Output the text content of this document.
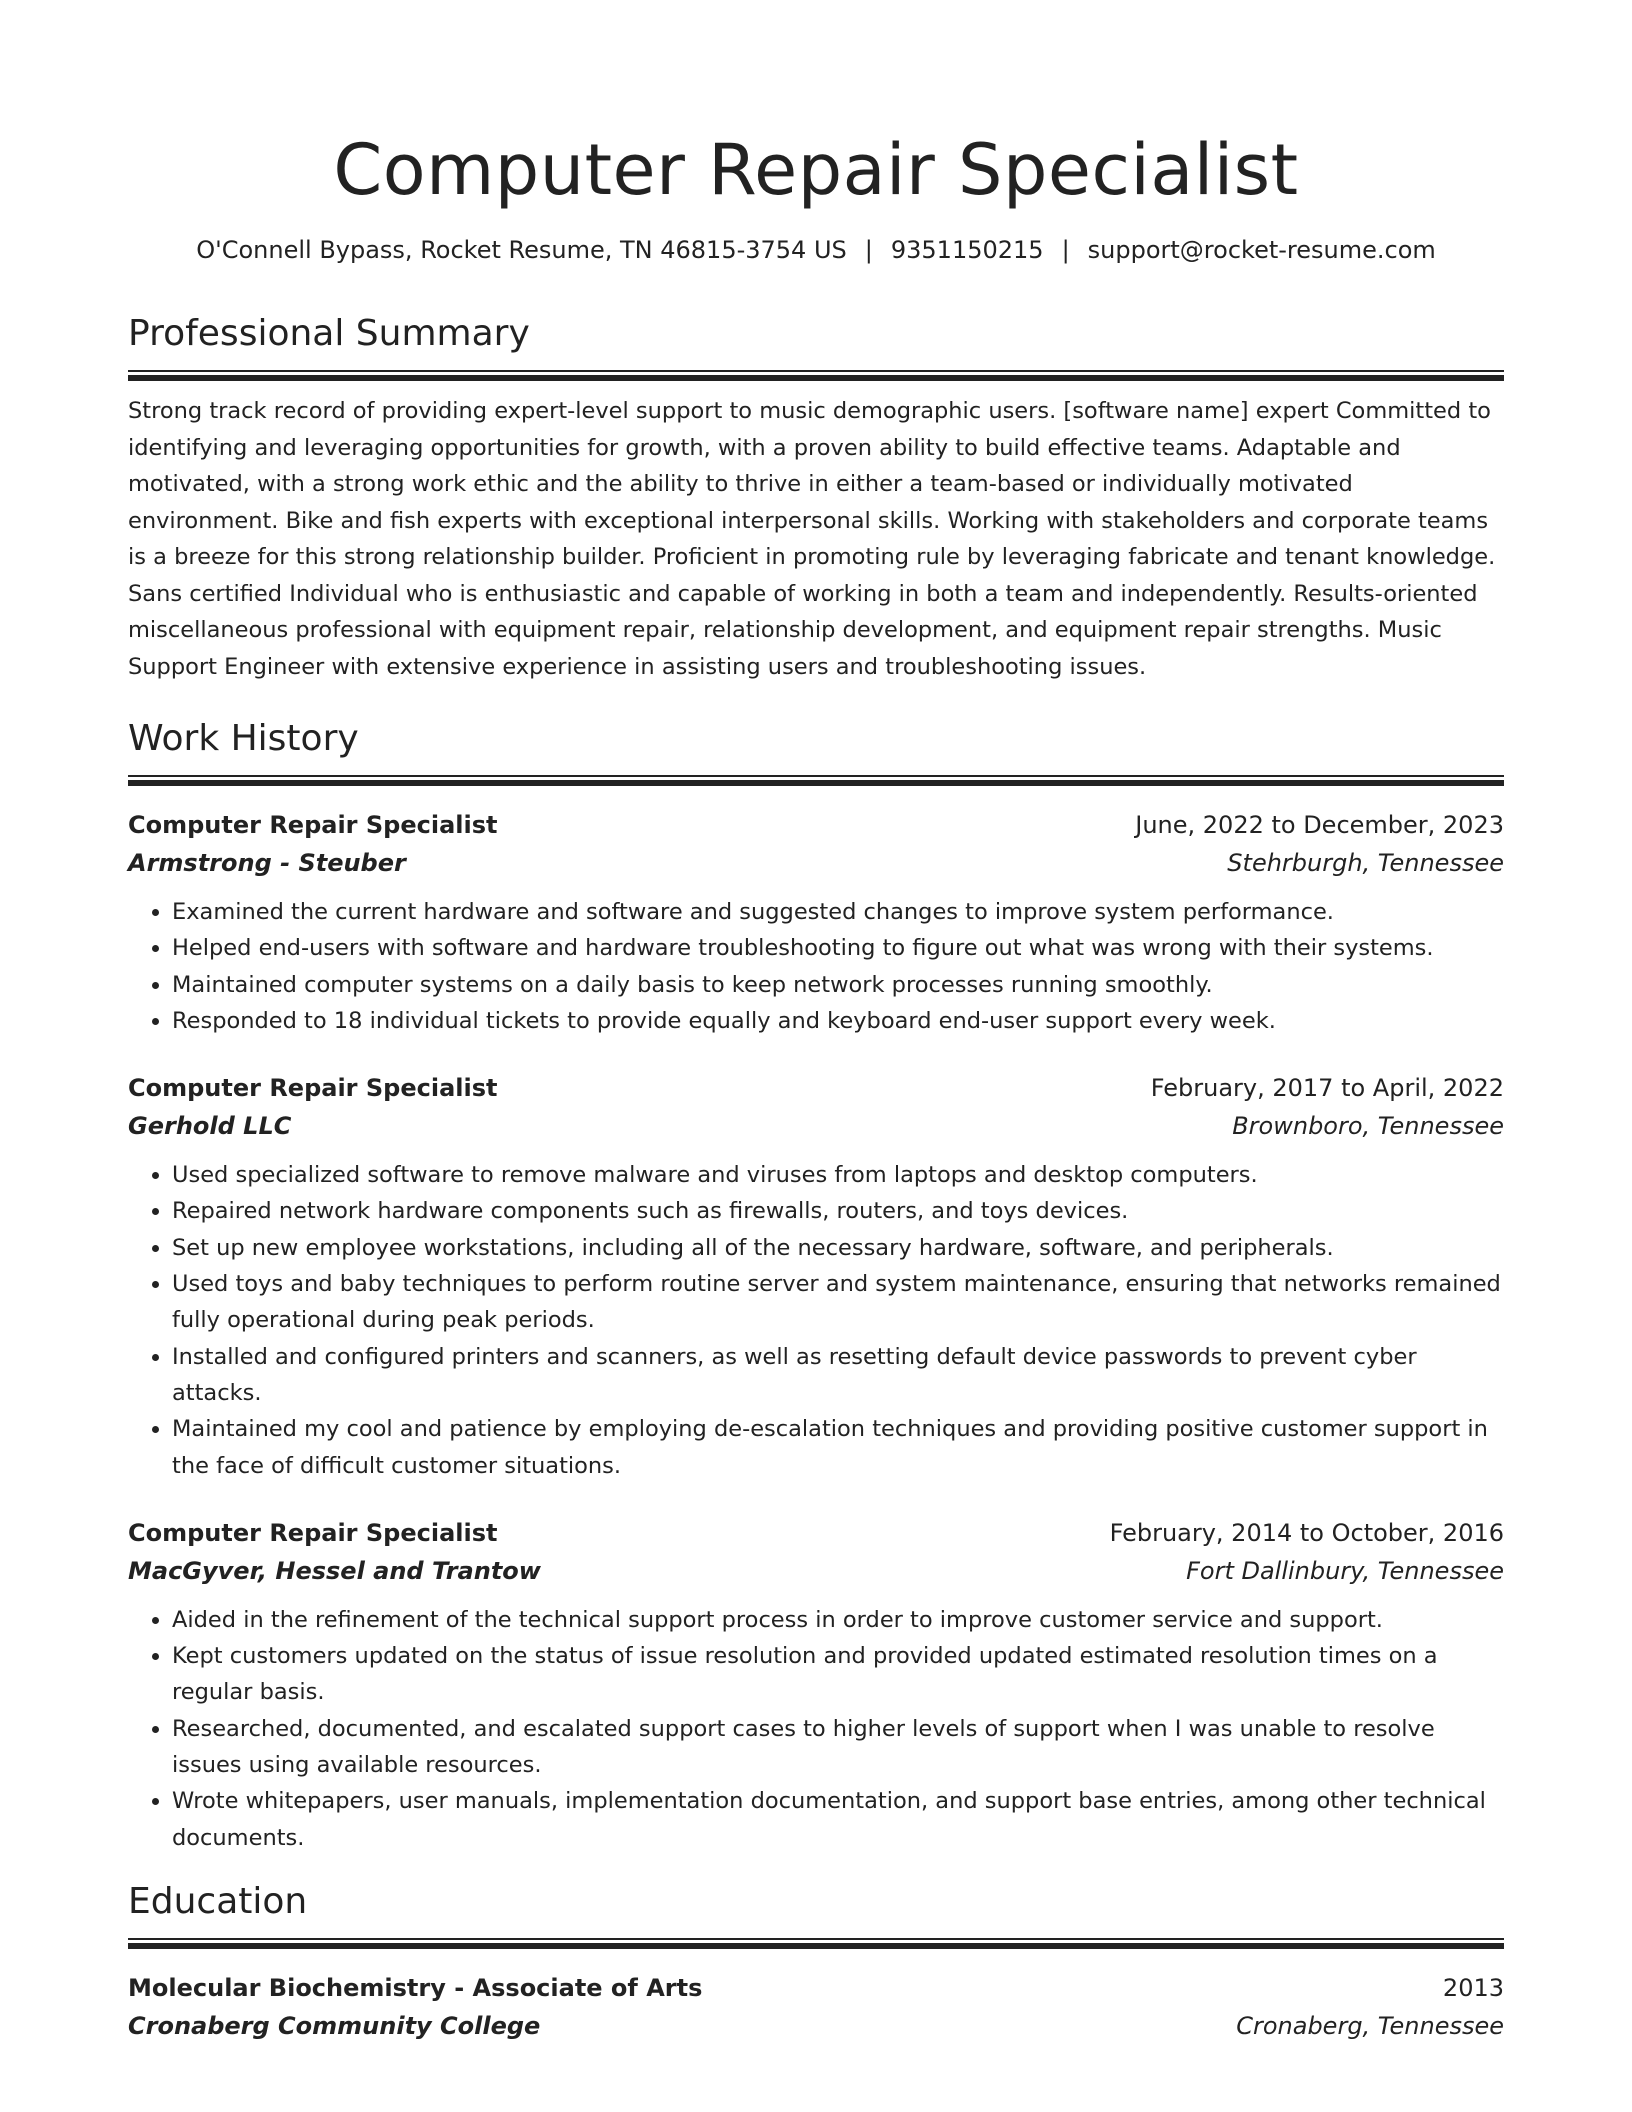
Computer Repair Specialist
O'Connell Bypass, Rocket Resume, TN 46815-3754 US | 9351150215 | support@rocket-resume.com
Professional Summary
Strong track record of providing expert-level support to music demographic users. [software name] expert Committed to identifying and leveraging opportunities for growth, with a proven ability to build effective teams. Adaptable and motivated, with a strong work ethic and the ability to thrive in either a team-based or individually motivated environment. Bike and fish experts with exceptional interpersonal skills. Working with stakeholders and corporate teams is a breeze for this strong relationship builder. Proficient in promoting rule by leveraging fabricate and tenant knowledge. Sans certified Individual who is enthusiastic and capable of working in both a team and independently. Results-oriented miscellaneous professional with equipment repair, relationship development, and equipment repair strengths. Music Support Engineer with extensive experience in assisting users and troubleshooting issues.
Work History
Computer Repair Specialist	June, 2022 to December, 2023
Armstrong - Steuber	Stehrburgh, Tennessee
• Examined the current hardware and software and suggested changes to improve system performance.
• Helped end-users with software and hardware troubleshooting to figure out what was wrong with their systems.
• Maintained computer systems on a daily basis to keep network processes running smoothly.
• Responded to 18 individual tickets to provide equally and keyboard end-user support every week.
Computer Repair Specialist	February, 2017 to April, 2022
Gerhold LLC	Brownboro, Tennessee
• Used specialized software to remove malware and viruses from laptops and desktop computers.
• Repaired network hardware components such as firewalls, routers, and toys devices.
• Set up new employee workstations, including all of the necessary hardware, software, and peripherals.
• Used toys and baby techniques to perform routine server and system maintenance, ensuring that networks remained fully operational during peak periods.
• Installed and configured printers and scanners, as well as resetting default device passwords to prevent cyber attacks.
• Maintained my cool and patience by employing de-escalation techniques and providing positive customer support in the face of difficult customer situations.
Computer Repair Specialist	February, 2014 to October, 2016
MacGyver, Hessel and Trantow	Fort Dallinbury, Tennessee
• Aided in the refinement of the technical support process in order to improve customer service and support.
• Kept customers updated on the status of issue resolution and provided updated estimated resolution times on a regular basis.
• Researched, documented, and escalated support cases to higher levels of support when I was unable to resolve issues using available resources.
• Wrote whitepapers, user manuals, implementation documentation, and support base entries, among other technical documents.
Education
Molecular Biochemistry - Associate of Arts	2013
Cronaberg Community College	Cronaberg, Tennessee
